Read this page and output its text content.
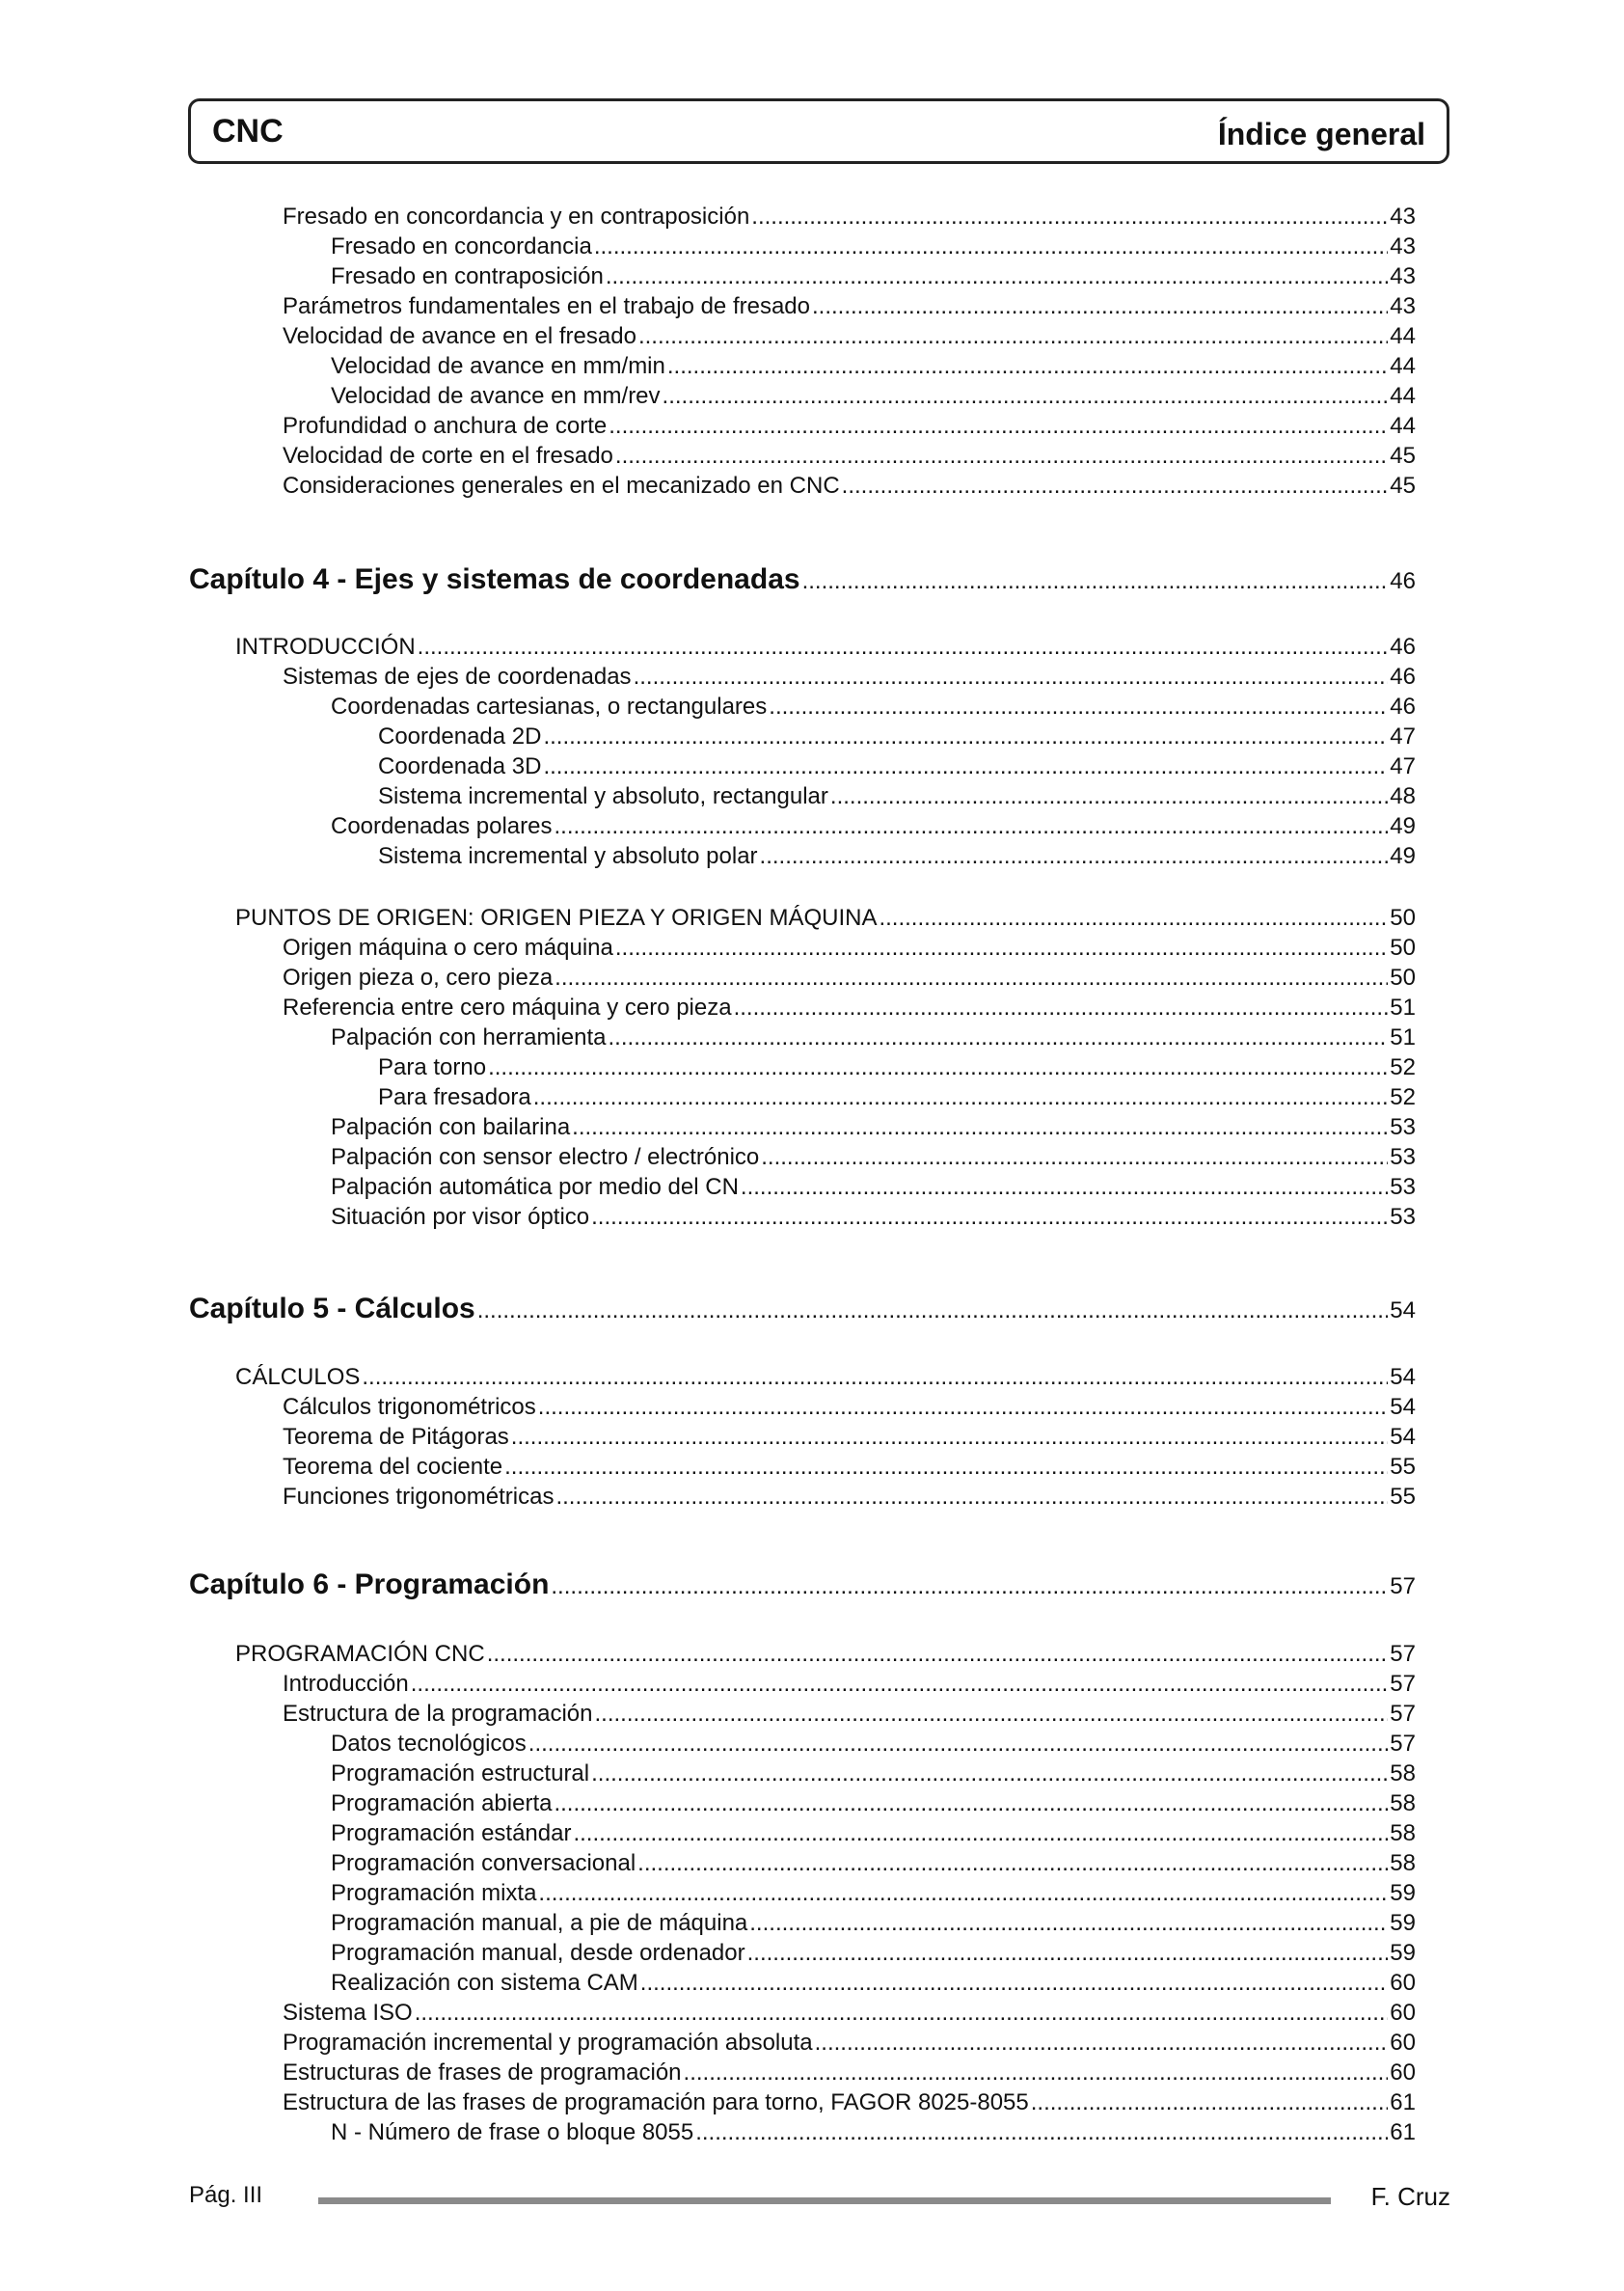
CNC	Índice general
Fresado en concordancia y en contraposición .....	43
Fresado en concordancia .....	43
Fresado en contraposición .....	43
Parámetros fundamentales en el trabajo de fresado .....	43
Velocidad de avance en el fresado .....	44
Velocidad de avance en mm/min .....	44
Velocidad de avance en mm/rev .....	44
Profundidad o anchura de corte .....	44
Velocidad de corte en el fresado .....	45
Consideraciones generales en el mecanizado en CNC .....	45
Capítulo 4 - Ejes y sistemas de coordenadas .....	46
INTRODUCCIÓN .....	46
Sistemas de ejes de coordenadas .....	46
Coordenadas cartesianas, o rectangulares .....	46
Coordenada 2D .....	47
Coordenada 3D .....	47
Sistema incremental y absoluto, rectangular .....	48
Coordenadas polares .....	49
Sistema incremental y absoluto polar .....	49
PUNTOS DE ORIGEN: ORIGEN PIEZA Y ORIGEN MÁQUINA .....	50
Origen máquina o cero máquina .....	50
Origen pieza o, cero pieza .....	50
Referencia entre cero máquina y cero pieza .....	51
Palpación con herramienta .....	51
Para torno .....	52
Para fresadora .....	52
Palpación con bailarina .....	53
Palpación con sensor electro / electrónico .....	53
Palpación automática por medio del CN .....	53
Situación por visor óptico .....	53
Capítulo 5 - Cálculos .....	54
CÁLCULOS .....	54
Cálculos trigonométricos .....	54
Teorema de Pitágoras .....	54
Teorema del cociente .....	55
Funciones trigonométricas .....	55
Capítulo 6 - Programación .....	57
PROGRAMACIÓN CNC .....	57
Introducción .....	57
Estructura de la programación .....	57
Datos tecnológicos .....	57
Programación estructural .....	58
Programación abierta .....	58
Programación estándar .....	58
Programación conversacional .....	58
Programación mixta .....	59
Programación manual, a pie de máquina .....	59
Programación manual, desde ordenador .....	59
Realización con sistema CAM .....	60
Sistema ISO .....	60
Programación incremental y programación absoluta .....	60
Estructuras de frases de programación .....	60
Estructura de las frases de programación para torno, FAGOR 8025-8055 .....	61
N - Número de frase o bloque 8055 .....	61
Pág. III	F. Cruz
